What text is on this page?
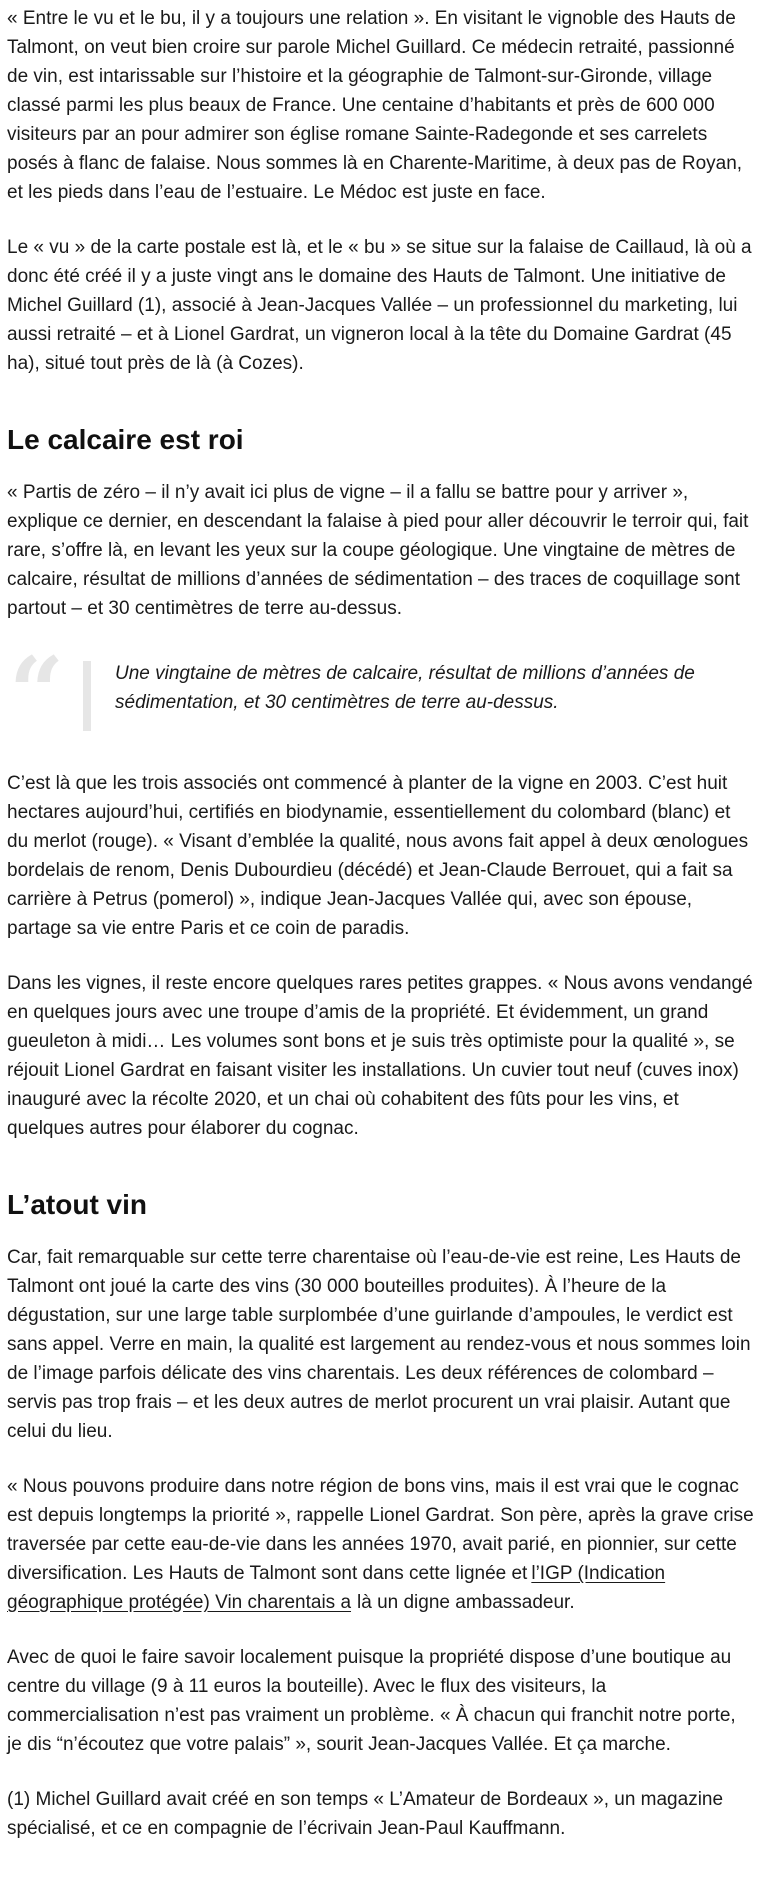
« Entre le vu et le bu, il y a toujours une relation ». En visitant le vignoble des Hauts de Talmont, on veut bien croire sur parole Michel Guillard. Ce médecin retraité, passionné de vin, est intarissable sur l’histoire et la géographie de Talmont-sur-Gironde, village classé parmi les plus beaux de France. Une centaine d’habitants et près de 600 000 visiteurs par an pour admirer son église romane Sainte-Radegonde et ses carrelets posés à flanc de falaise. Nous sommes là en Charente-Maritime, à deux pas de Royan, et les pieds dans l’eau de l’estuaire. Le Médoc est juste en face.

Le « vu » de la carte postale est là, et le « bu » se situe sur la falaise de Caillaud, là où a donc été créé il y a juste vingt ans le domaine des Hauts de Talmont. Une initiative de Michel Guillard (1), associé à Jean-Jacques Vallée – un professionnel du marketing, lui aussi retraité – et à Lionel Gardrat, un vigneron local à la tête du Domaine Gardrat (45 ha), situé tout près de là (à Cozes).

Le calcaire est roi

« Partis de zéro – il n’y avait ici plus de vigne – il a fallu se battre pour y arriver », explique ce dernier, en descendant la falaise à pied pour aller découvrir le terroir qui, fait rare, s’offre là, en levant les yeux sur la coupe géologique. Une vingtaine de mètres de calcaire, résultat de millions d’années de sédimentation – des traces de coquillage sont partout – et 30 centimètres de terre au-dessus.

“	Une vingtaine de mètres de calcaire, résultat de millions d’années de sédimentation, et 30 centimètres de terre au-dessus.

C’est là que les trois associés ont commencé à planter de la vigne en 2003. C’est huit hectares aujourd’hui, certifiés en biodynamie, essentiellement du colombard (blanc) et du merlot (rouge). « Visant d’emblée la qualité, nous avons fait appel à deux œnologues bordelais de renom, Denis Dubourdieu (décédé) et Jean-Claude Berrouet, qui a fait sa carrière à Petrus (pomerol) », indique Jean-Jacques Vallée qui, avec son épouse, partage sa vie entre Paris et ce coin de paradis.

Dans les vignes, il reste encore quelques rares petites grappes. « Nous avons vendangé en quelques jours avec une troupe d’amis de la propriété. Et évidemment, un grand gueuleton à midi… Les volumes sont bons et je suis très optimiste pour la qualité », se réjouit Lionel Gardrat en faisant visiter les installations. Un cuvier tout neuf (cuves inox) inauguré avec la récolte 2020, et un chai où cohabitent des fûts pour les vins, et quelques autres pour élaborer du cognac.

L’atout vin

Car, fait remarquable sur cette terre charentaise où l’eau-de-vie est reine, Les Hauts de Talmont ont joué la carte des vins (30 000 bouteilles produites). À l’heure de la dégustation, sur une large table surplombée d’une guirlande d’ampoules, le verdict est sans appel. Verre en main, la qualité est largement au rendez-vous et nous sommes loin de l’image parfois délicate des vins charentais. Les deux références de colombard – servis pas trop frais – et les deux autres de merlot procurent un vrai plaisir. Autant que celui du lieu.

« Nous pouvons produire dans notre région de bons vins, mais il est vrai que le cognac est depuis longtemps la priorité », rappelle Lionel Gardrat. Son père, après la grave crise traversée par cette eau-de-vie dans les années 1970, avait parié, en pionnier, sur cette diversification. Les Hauts de Talmont sont dans cette lignée et l’IGP (Indication géographique protégée) Vin charentais a là un digne ambassadeur.

Avec de quoi le faire savoir localement puisque la propriété dispose d’une boutique au centre du village (9 à 11 euros la bouteille). Avec le flux des visiteurs, la commercialisation n’est pas vraiment un problème. « À chacun qui franchit notre porte, je dis “n’écoutez que votre palais” », sourit Jean-Jacques Vallée. Et ça marche.

(1) Michel Guillard avait créé en son temps « L’Amateur de Bordeaux », un magazine spécialisé, et ce en compagnie de l’écrivain Jean-Paul Kauffmann.
